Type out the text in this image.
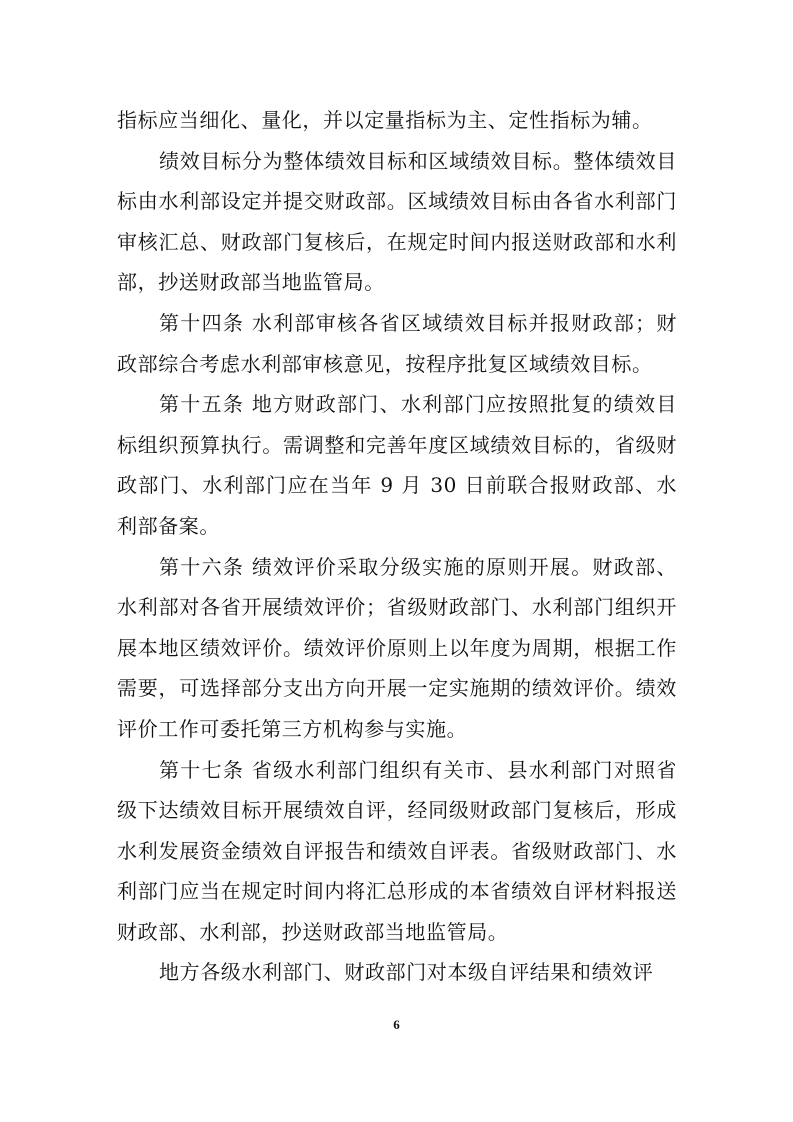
指标应当细化、量化，并以定量指标为主、定性指标为辅。

绩效目标分为整体绩效目标和区域绩效目标。整体绩效目标由水利部设定并提交财政部。区域绩效目标由各省水利部门审核汇总、财政部门复核后，在规定时间内报送财政部和水利部，抄送财政部当地监管局。

第十四条 水利部审核各省区域绩效目标并报财政部；财政部综合考虑水利部审核意见，按程序批复区域绩效目标。

第十五条 地方财政部门、水利部门应按照批复的绩效目标组织预算执行。需调整和完善年度区域绩效目标的，省级财政部门、水利部门应在当年 9 月 30 日前联合报财政部、水利部备案。

第十六条 绩效评价采取分级实施的原则开展。财政部、水利部对各省开展绩效评价；省级财政部门、水利部门组织开展本地区绩效评价。绩效评价原则上以年度为周期，根据工作需要，可选择部分支出方向开展一定实施期的绩效评价。绩效评价工作可委托第三方机构参与实施。

第十七条 省级水利部门组织有关市、县水利部门对照省级下达绩效目标开展绩效自评，经同级财政部门复核后，形成水利发展资金绩效自评报告和绩效自评表。省级财政部门、水利部门应当在规定时间内将汇总形成的本省绩效自评材料报送财政部、水利部，抄送财政部当地监管局。

地方各级水利部门、财政部门对本级自评结果和绩效评

6
